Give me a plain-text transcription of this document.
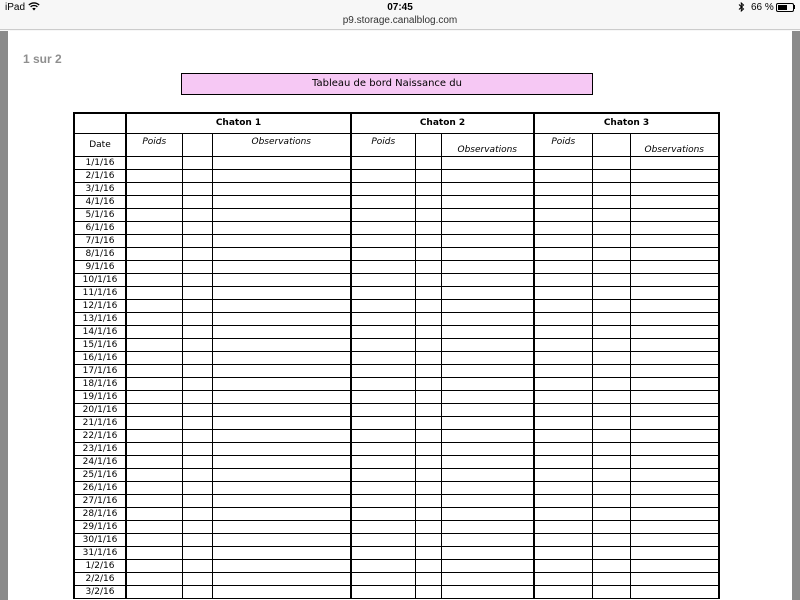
iPad	07:45	66 %
p9.storage.canalblog.com
1 sur 2
Tableau de bord Naissance du
	Chaton 1			Chaton 2			Chaton 3		
Date	Poids		Observations	Poids		Observations	Poids		Observations
1/1/16									
2/1/16									
3/1/16									
4/1/16									
5/1/16									
6/1/16									
7/1/16									
8/1/16									
9/1/16									
10/1/16									
11/1/16									
12/1/16									
13/1/16									
14/1/16									
15/1/16									
16/1/16									
17/1/16									
18/1/16									
19/1/16									
20/1/16									
21/1/16									
22/1/16									
23/1/16									
24/1/16									
25/1/16									
26/1/16									
27/1/16									
28/1/16									
29/1/16									
30/1/16									
31/1/16									
1/2/16									
2/2/16									
3/2/16									
